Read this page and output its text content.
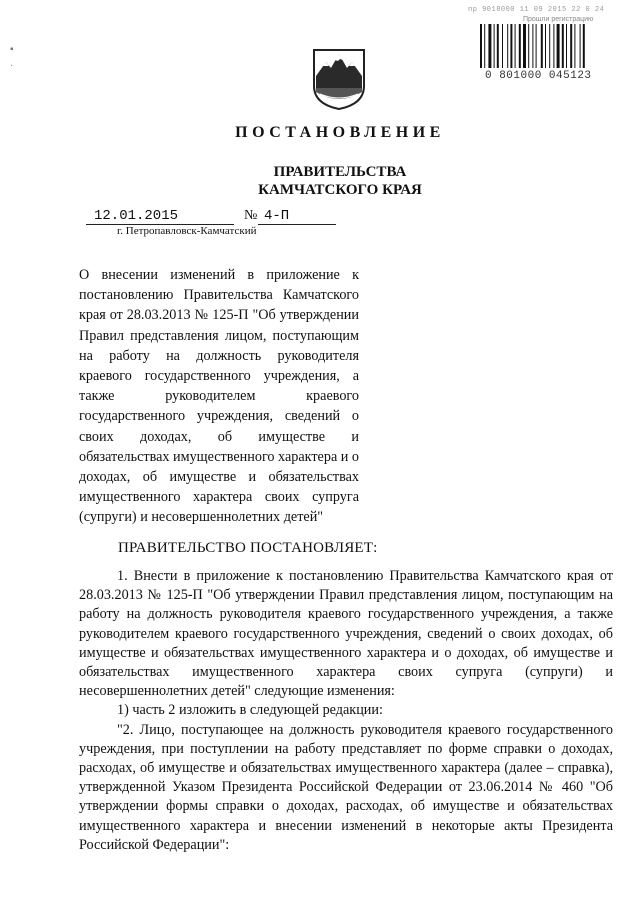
пр 9018000 11 09 2015 22 0 24
Прошли регистрацию
0 801000 045123
▪
·
ПОСТАНОВЛЕНИЕ
ПРАВИТЕЛЬСТВА
КАМЧАТСКОГО КРАЯ
12.01.2015	№ 4-П
г. Петропавловск-Камчатский
О внесении изменений в приложение к постановлению Правительства Камчатского края от 28.03.2013 № 125-П "Об утверждении Правил представления лицом, поступающим на работу на должность руководителя краевого государственного учреждения, а также руководителем краевого государственного учреждения, сведений о своих доходах, об имуществе и обязательствах имущественного характера и о доходах, об имуществе и обязательствах имущественного характера своих супруга (супруги) и несовершеннолетних детей"
ПРАВИТЕЛЬСТВО ПОСТАНОВЛЯЕТ:

1. Внести в приложение к постановлению Правительства Камчатского края от 28.03.2013 № 125-П "Об утверждении Правил представления лицом, поступающим на работу на должность руководителя краевого государственного учреждения, а также руководителем краевого государственного учреждения, сведений о своих доходах, об имуществе и обязательствах имущественного характера и о доходах, об имуществе и обязательствах имущественного характера своих супруга (супруги) и несовершеннолетних детей" следующие изменения:

1) часть 2 изложить в следующей редакции:

"2. Лицо, поступающее на должность руководителя краевого государственного учреждения, при поступлении на работу представляет по форме справки о доходах, расходах, об имуществе и обязательствах имущественного характера (далее – справка), утвержденной Указом Президента Российской Федерации от 23.06.2014 № 460 "Об утверждении формы справки о доходах, расходах, об имуществе и обязательствах имущественного характера и внесении изменений в некоторые акты Президента Российской Федерации":
